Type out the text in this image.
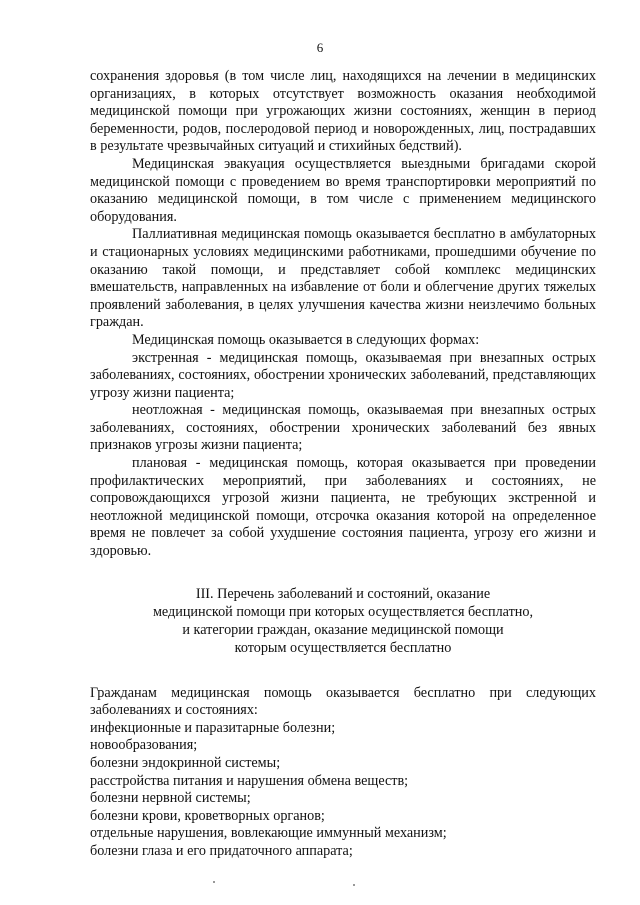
6

сохранения здоровья (в том числе лиц, находящихся на лечении в медицинских организациях, в которых отсутствует возможность оказания необходимой медицинской помощи при угрожающих жизни состояниях, женщин в период беременности, родов, послеродовой период и новорожденных, лиц, пострадавших в результате чрезвычайных ситуаций и стихийных бедствий).

Медицинская эвакуация осуществляется выездными бригадами скорой медицинской помощи с проведением во время транспортировки мероприятий по оказанию медицинской помощи, в том числе с применением медицинского оборудования.

Паллиативная медицинская помощь оказывается бесплатно в амбулаторных и стационарных условиях медицинскими работниками, прошедшими обучение по оказанию такой помощи, и представляет собой комплекс медицинских вмешательств, направленных на избавление от боли и облегчение других тяжелых проявлений заболевания, в целях улучшения качества жизни неизлечимо больных граждан.

Медицинская помощь оказывается в следующих формах:

экстренная - медицинская помощь, оказываемая при внезапных острых заболеваниях, состояниях, обострении хронических заболеваний, представляющих угрозу жизни пациента;

неотложная - медицинская помощь, оказываемая при внезапных острых заболеваниях, состояниях, обострении хронических заболеваний без явных признаков угрозы жизни пациента;

плановая - медицинская помощь, которая оказывается при проведении профилактических мероприятий, при заболеваниях и состояниях, не сопровождающихся угрозой жизни пациента, не требующих экстренной и неотложной медицинской помощи, отсрочка оказания которой на определенное время не повлечет за собой ухудшение состояния пациента, угрозу его жизни и здоровью.

III. Перечень заболеваний и состояний, оказание
медицинской помощи при которых осуществляется бесплатно,
и категории граждан, оказание медицинской помощи
которым осуществляется бесплатно

Гражданам медицинская помощь оказывается бесплатно при следующих заболеваниях и состояниях:

инфекционные и паразитарные болезни;

новообразования;

болезни эндокринной системы;

расстройства питания и нарушения обмена веществ;

болезни нервной системы;

болезни крови, кроветворных органов;

отдельные нарушения, вовлекающие иммунный механизм;

болезни глаза и его придаточного аппарата;
